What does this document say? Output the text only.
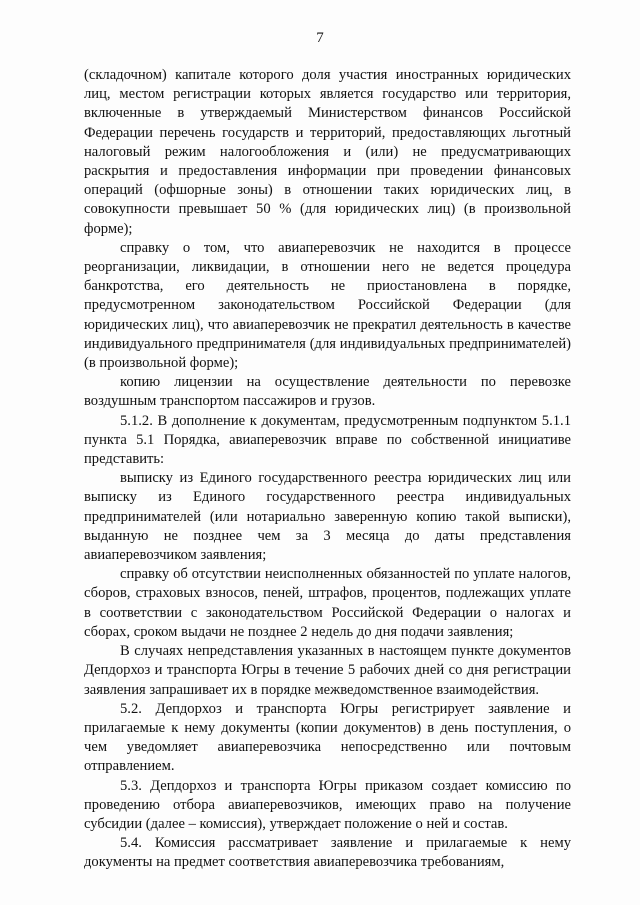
7

(складочном) капитале которого доля участия иностранных юридических лиц, местом регистрации которых является государство или территория, включенные в утверждаемый Министерством финансов Российской Федерации перечень государств и территорий, предоставляющих льготный налоговый режим налогообложения и (или) не предусматривающих раскрытия и предоставления информации при проведении финансовых операций (офшорные зоны) в отношении таких юридических лиц, в совокупности превышает 50 % (для юридических лиц) (в произвольной форме);

справку о том, что авиаперевозчик не находится в процессе реорганизации, ликвидации, в отношении него не ведется процедура банкротства, его деятельность не приостановлена в порядке, предусмотренном законодательством Российской Федерации (для юридических лиц), что авиаперевозчик не прекратил деятельность в качестве индивидуального предпринимателя (для индивидуальных предпринимателей) (в произвольной форме);

копию лицензии на осуществление деятельности по перевозке воздушным транспортом пассажиров и грузов.

5.1.2. В дополнение к документам, предусмотренным подпунктом 5.1.1 пункта 5.1 Порядка, авиаперевозчик вправе по собственной инициативе представить:

выписку из Единого государственного реестра юридических лиц или выписку из Единого государственного реестра индивидуальных предпринимателей (или нотариально заверенную копию такой выписки), выданную не позднее чем за 3 месяца до даты представления авиаперевозчиком заявления;

справку об отсутствии неисполненных обязанностей по уплате налогов, сборов, страховых взносов, пеней, штрафов, процентов, подлежащих уплате в соответствии с законодательством Российской Федерации о налогах и сборах, сроком выдачи не позднее 2 недель до дня подачи заявления;

В случаях непредставления указанных в настоящем пункте документов Депдорхоз и транспорта Югры в течение 5 рабочих дней со дня регистрации заявления запрашивает их в порядке межведомственное взаимодействия.

5.2. Депдорхоз и транспорта Югры регистрирует заявление и прилагаемые к нему документы (копии документов) в день поступления, о чем уведомляет авиаперевозчика непосредственно или почтовым отправлением.

5.3. Депдорхоз и транспорта Югры приказом создает комиссию по проведению отбора авиаперевозчиков, имеющих право на получение субсидии (далее – комиссия), утверждает положение о ней и состав.

5.4. Комиссия рассматривает заявление и прилагаемые к нему документы на предмет соответствия авиаперевозчика требованиям,
